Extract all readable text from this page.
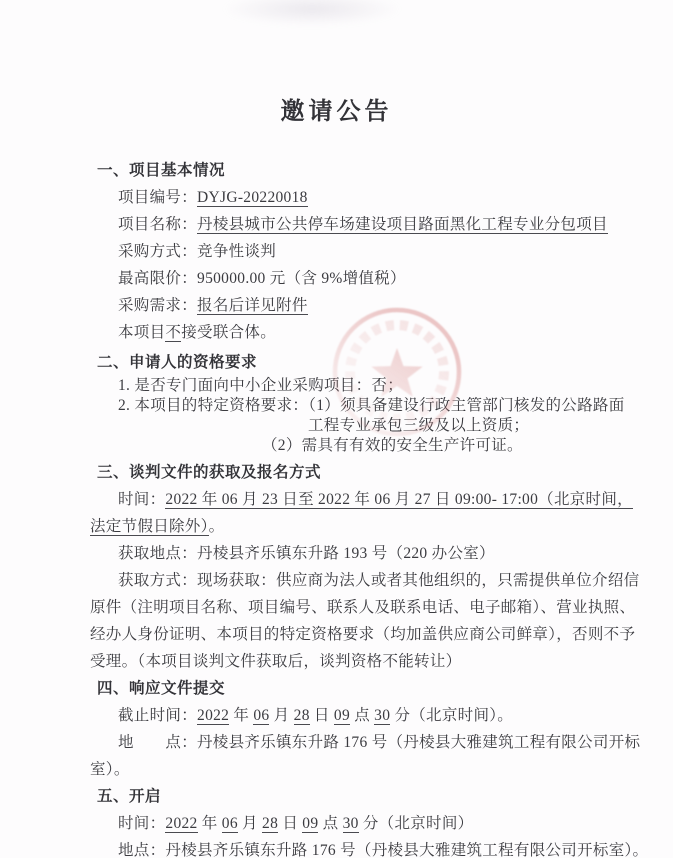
邀请公告
一、项目基本情况
项目编号：DYJG-20220018
项目名称：丹棱县城市公共停车场建设项目路面黑化工程专业分包项目
采购方式：竞争性谈判
最高限价：950000.00 元（含 9%增值税）
采购需求：报名后详见附件
本项目不接受联合体。
二、申请人的资格要求
1. 是否专门面向中小企业采购项目：否；
2. 本项目的特定资格要求：（1）须具备建设行政主管部门核发的公路路面
工程专业承包三级及以上资质；
（2）需具有有效的安全生产许可证。
三、谈判文件的获取及报名方式
时间：2022 年 06 月 23 日至 2022 年 06 月 27 日 09:00- 17:00（北京时间，
法定节假日除外）。
获取地点：丹棱县齐乐镇东升路 193 号（220 办公室）
获取方式：现场获取：供应商为法人或者其他组织的，只需提供单位介绍信
原件（注明项目名称、项目编号、联系人及联系电话、电子邮箱）、营业执照、
经办人身份证明、本项目的特定资格要求（均加盖供应商公司鲜章），否则不予
受理。（本项目谈判文件获取后，谈判资格不能转让）
四、响应文件提交
截止时间：2022 年 06 月 28 日 09 点 30 分（北京时间）。
地　　点：丹棱县齐乐镇东升路 176 号（丹棱县大雅建筑工程有限公司开标
室）。
五、开启
时间：2022 年 06 月 28 日 09 点 30 分（北京时间）
地点：丹棱县齐乐镇东升路 176 号（丹棱县大雅建筑工程有限公司开标室）。
